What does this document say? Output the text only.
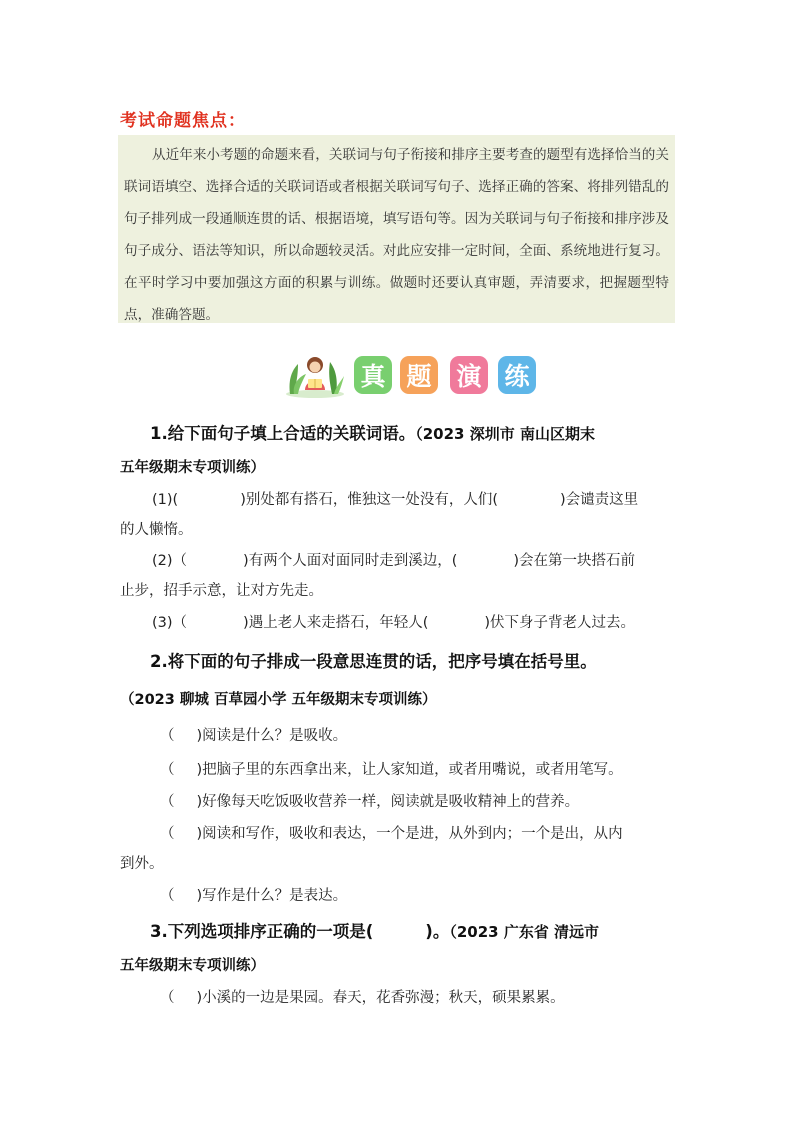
考试命题焦点：
从近年来小考题的命题来看，关联词与句子衔接和排序主要考查的题型有选择恰当的关联词语填空、选择合适的关联词语或者根据关联词写句子、选择正确的答案、将排列错乱的句子排列成一段通顺连贯的话、根据语境，填写语句等。因为关联词与句子衔接和排序涉及句子成分、语法等知识，所以命题较灵活。对此应安排一定时间，全面、系统地进行复习。在平时学习中要加强这方面的积累与训练。做题时还要认真审题，弄清要求，把握题型特点，准确答题。
真 题 演 练
1.给下面句子填上合适的关联词语。（2023 深圳市 南山区期末
五年级期末专项训练）
(1)(	)别处都有搭石，惟独这一处没有，人们(	)会谴责这里
的人懒惰。
(2)（	)有两个人面对面同时走到溪边，(	)会在第一块搭石前
止步，招手示意，让对方先走。
(3)（	)遇上老人来走搭石，年轻人(	)伏下身子背老人过去。
2.将下面的句子排成一段意思连贯的话，把序号填在括号里。
（2023 聊城 百草园小学 五年级期末专项训练）
（ )阅读是什么？是吸收。
（ )把脑子里的东西拿出来，让人家知道，或者用嘴说，或者用笔写。
（ )好像每天吃饭吸收营养一样，阅读就是吸收精神上的营养。
（ )阅读和写作，吸收和表达，一个是进，从外到内；一个是出，从内
到外。
（ )写作是什么？是表达。
3.下列选项排序正确的一项是(	)。（2023 广东省 清远市
五年级期末专项训练）
（ )小溪的一边是果园。春天，花香弥漫；秋天，硕果累累。
